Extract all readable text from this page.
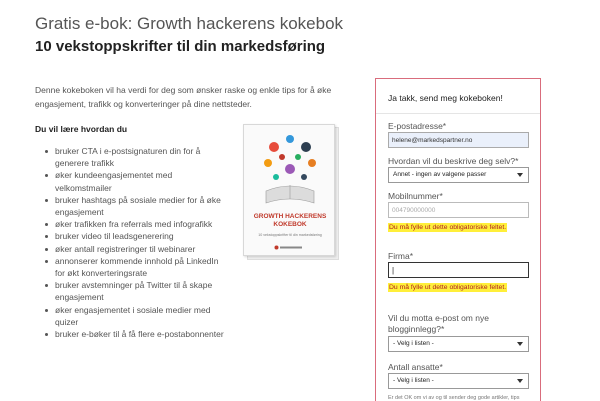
Gratis e-bok: Growth hackerens kokebok
10 vekstoppskrifter til din markedsføring

Denne kokeboken vil ha verdi for deg som ønsker raske og enkle tips for å øke engasjement, trafikk og konverteringer på dine nettsteder.

Du vil lære hvordan du
bruker CTA i e-postsignaturen din for å generere trafikk
øker kundeengasjementet med velkomstmailer
bruker hashtags på sosiale medier for å øke engasjement
øker trafikken fra referrals med infografikk
bruker video til leadsgenerering
øker antall registreringer til webinarer
annonserer kommende innhold på LinkedIn for økt konverteringsrate
bruker avstemninger på Twitter til å skape engasjement
øker engasjementet i sosiale medier med quizer
bruker e-bøker til å få flere e-postabonnenter
GROWTH HACKERENS KOKEBOK
10 vekstoppskrifter til din markedsføring
Ja takk, send meg kokeboken!
E-postadresse*
helene@markedspartner.no
Hvordan vil du beskrive deg selv?*
Annet - ingen av valgene passer
Mobilnummer*
004790000000
Du må fylle ut dette obligatoriske feltet.
Firma*
|
Du må fylle ut dette obligatoriske feltet.
Vil du motta e-post om nye blogginnlegg?*
- Velg i listen -
Antall ansatte*
- Velg i listen -
Er det OK om vi av og til sender deg gode artikler, tips
